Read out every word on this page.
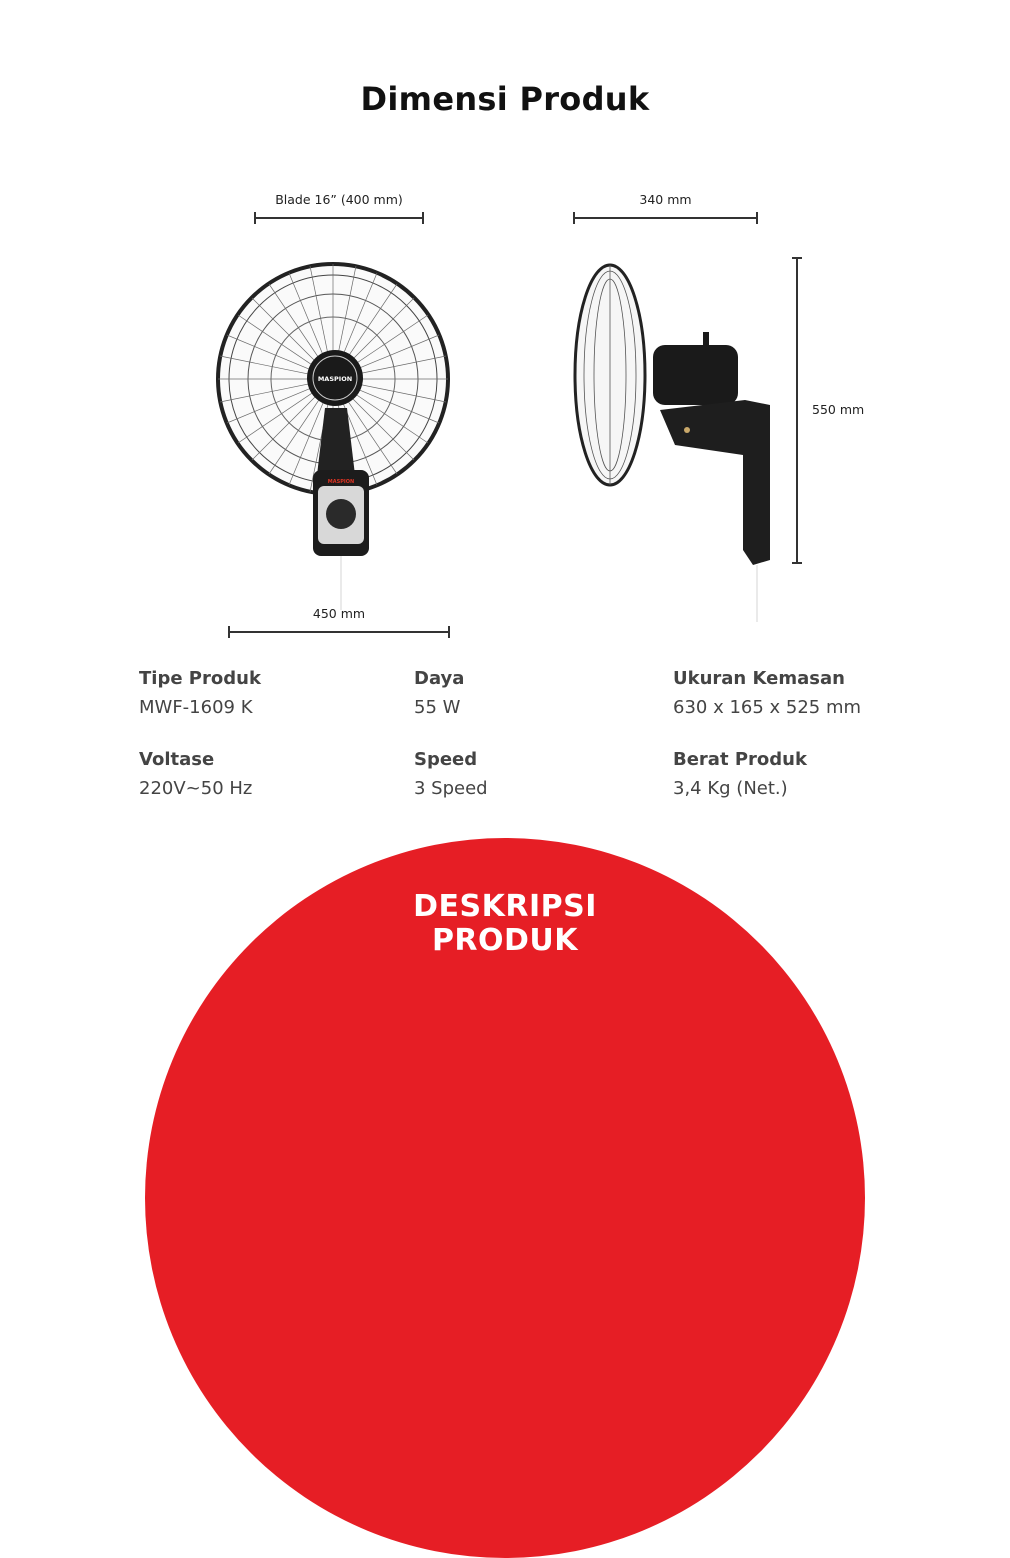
Dimensi Produk
Blade 16” (400 mm)	340 mm
550 mm
450 mm
MASPION
MASPION
Tipe Produk
MWF-1609 K
Daya
55 W
Ukuran Kemasan
630 x 165 x 525 mm
Voltase
220V~50 Hz
Speed
3 Speed
Berat Produk
3,4 Kg (Net.)
DESKRIPSI
PRODUK
